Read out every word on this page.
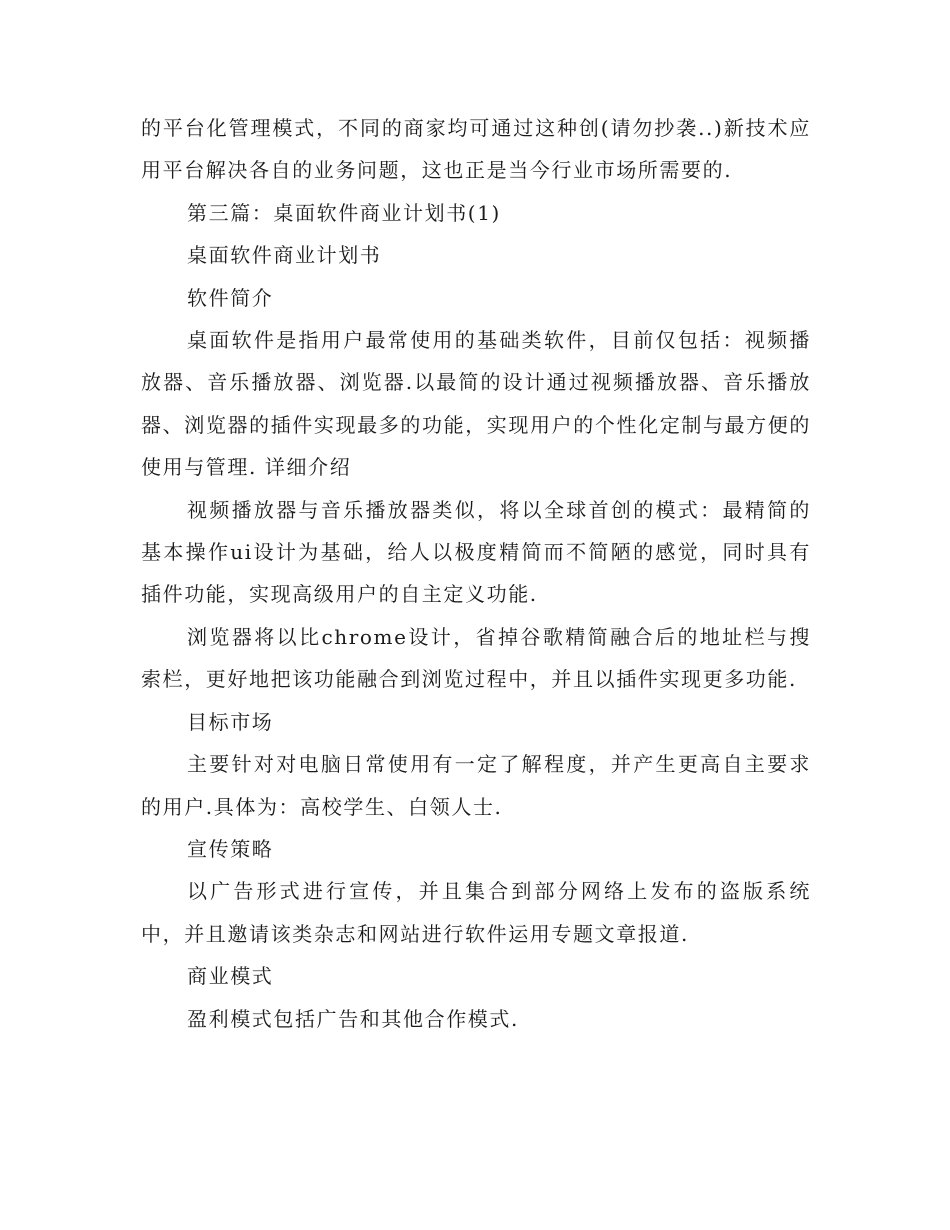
的平台化管理模式，不同的商家均可通过这种创(请勿抄袭..)新技术应用平台解决各自的业务问题，这也正是当今行业市场所需要的.

第三篇：桌面软件商业计划书(1)

桌面软件商业计划书

软件简介

桌面软件是指用户最常使用的基础类软件，目前仅包括：视频播放器、音乐播放器、浏览器.以最简的设计通过视频播放器、音乐播放器、浏览器的插件实现最多的功能，实现用户的个性化定制与最方便的使用与管理. 详细介绍

视频播放器与音乐播放器类似，将以全球首创的模式：最精简的基本操作ui设计为基础，给人以极度精简而不简陋的感觉，同时具有插件功能，实现高级用户的自主定义功能.

浏览器将以比chrome设计，省掉谷歌精简融合后的地址栏与搜索栏，更好地把该功能融合到浏览过程中，并且以插件实现更多功能.

目标市场

主要针对对电脑日常使用有一定了解程度，并产生更高自主要求的用户.具体为：高校学生、白领人士.

宣传策略

以广告形式进行宣传，并且集合到部分网络上发布的盗版系统中，并且邀请该类杂志和网站进行软件运用专题文章报道.

商业模式

盈利模式包括广告和其他合作模式.
